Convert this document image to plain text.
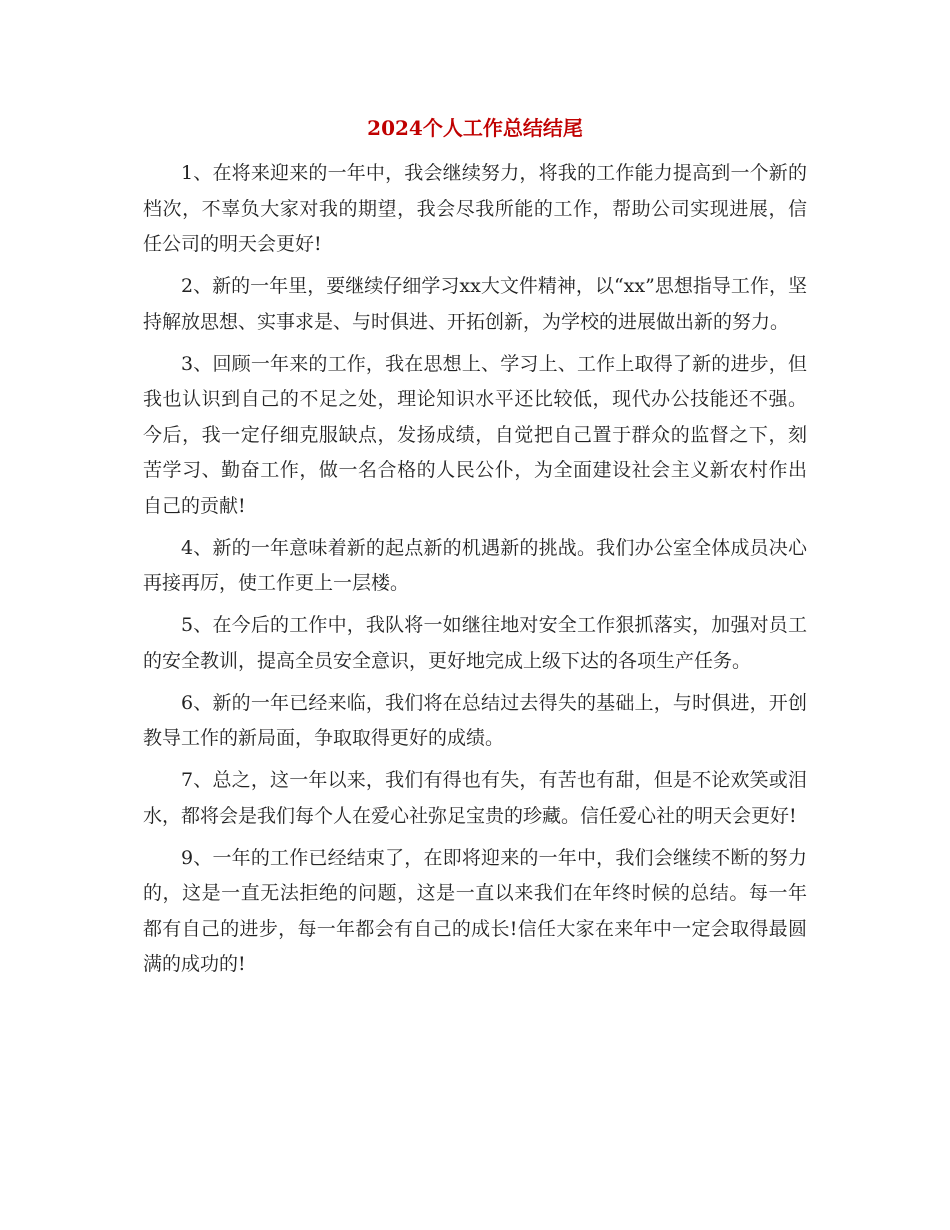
2024个人工作总结结尾

1、在将来迎来的一年中，我会继续努力，将我的工作能力提高到一个新的档次，不辜负大家对我的期望，我会尽我所能的工作，帮助公司实现进展，信任公司的明天会更好!

2、新的一年里，要继续仔细学习xx大文件精神，以“xx”思想指导工作，坚持解放思想、实事求是、与时俱进、开拓创新，为学校的进展做出新的努力。

3、回顾一年来的工作，我在思想上、学习上、工作上取得了新的进步，但我也认识到自己的不足之处，理论知识水平还比较低，现代办公技能还不强。今后，我一定仔细克服缺点，发扬成绩，自觉把自己置于群众的监督之下，刻苦学习、勤奋工作，做一名合格的人民公仆，为全面建设社会主义新农村作出自己的贡献!

4、新的一年意味着新的起点新的机遇新的挑战。我们办公室全体成员决心再接再厉，使工作更上一层楼。

5、在今后的工作中，我队将一如继往地对安全工作狠抓落实，加强对员工的安全教训，提高全员安全意识，更好地完成上级下达的各项生产任务。

6、新的一年已经来临，我们将在总结过去得失的基础上，与时俱进，开创教导工作的新局面，争取取得更好的成绩。

7、总之，这一年以来，我们有得也有失，有苦也有甜，但是不论欢笑或泪水，都将会是我们每个人在爱心社弥足宝贵的珍藏。信任爱心社的明天会更好!

9、一年的工作已经结束了，在即将迎来的一年中，我们会继续不断的努力的，这是一直无法拒绝的问题，这是一直以来我们在年终时候的总结。每一年都有自己的进步，每一年都会有自己的成长!信任大家在来年中一定会取得最圆满的成功的!
